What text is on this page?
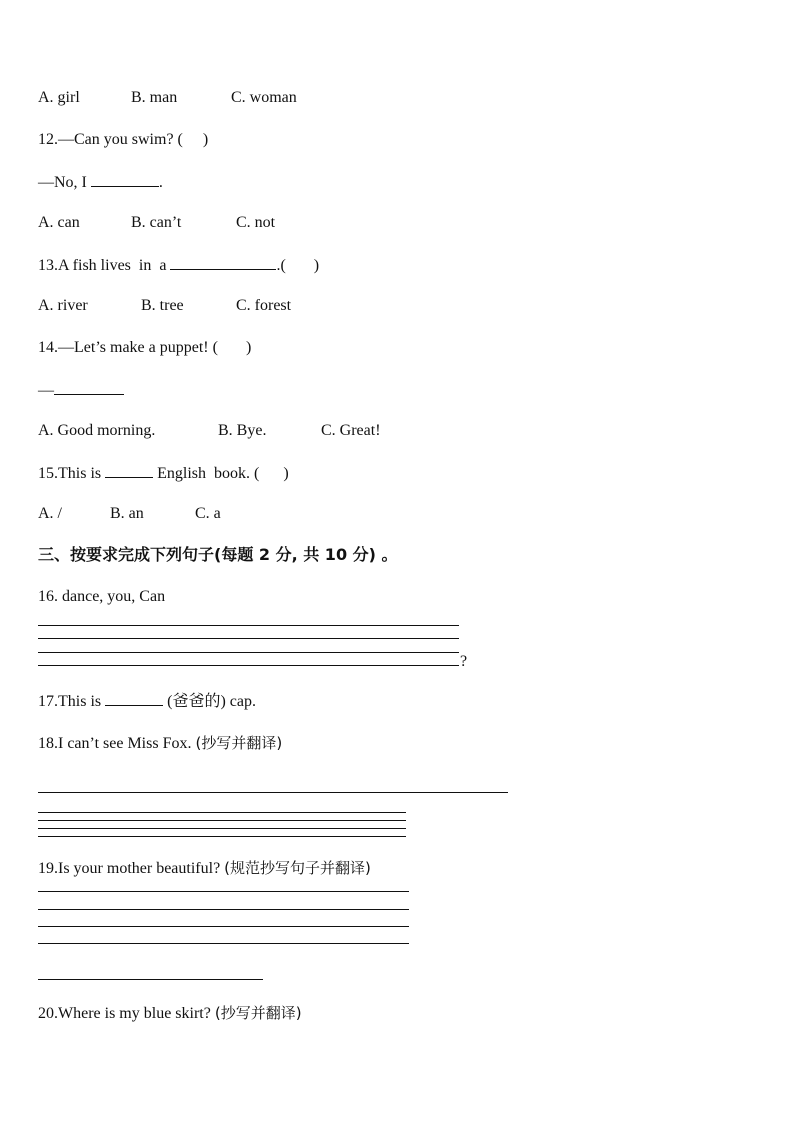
A. girl	B. man	C. woman
12.—Can you swim? (     )
—No, I	.
A. can	B. can’t	C. not
13.A fish lives  in  a	.(       )
A. river	B. tree	C. forest
14.—Let’s make a puppet! (       )
—
A. Good morning.	B. Bye.	C. Great!
15.This is	English  book. (      )
A. /	B. an	C. a
三、按要求完成下列句子(每题 2 分, 共 10 分) 。
16. dance, you, Can
?
17.This is	(爸爸的) cap.
18.I can’t see Miss Fox. (抄写并翻译)
19.Is your mother beautiful? (规范抄写句子并翻译)
20.Where is my blue skirt? (抄写并翻译)
